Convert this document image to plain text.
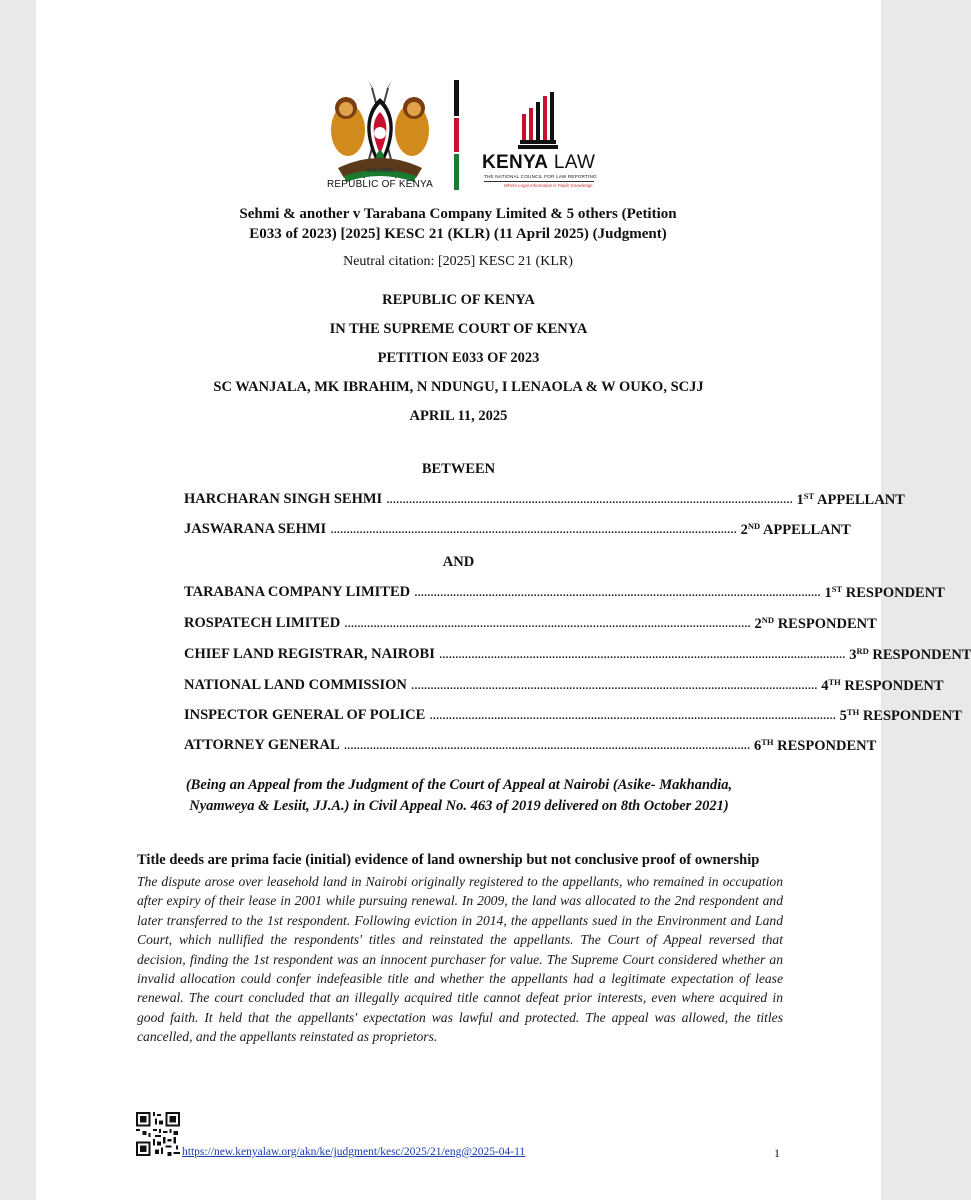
HARAMBEE
REPUBLIC OF KENYA
KENYA LAW
THE NATIONAL COUNCIL FOR LAW REPORTING
Where Legal Information is Public Knowledge
Sehmi & another v Tarabana Company Limited & 5 others (Petition
E033 of 2023) [2025] KESC 21 (KLR) (11 April 2025) (Judgment)
Neutral citation: [2025] KESC 21 (KLR)
REPUBLIC OF KENYA
IN THE SUPREME COURT OF KENYA
PETITION E033 OF 2023
SC WANJALA, MK IBRAHIM, N NDUNGU, I LENAOLA & W OUKO, SCJJ
APRIL 11, 2025
BETWEEN
HARCHARAN SINGH SEHMI .............................................................................................................................. 1ST APPELLANT
JASWARANA SEHMI .............................................................................................................................. 2ND APPELLANT
AND
TARABANA COMPANY LIMITED .............................................................................................................................. 1ST RESPONDENT
ROSPATECH LIMITED .............................................................................................................................. 2ND RESPONDENT
CHIEF LAND REGISTRAR, NAIROBI .............................................................................................................................. 3RD RESPONDENT
NATIONAL LAND COMMISSION .............................................................................................................................. 4TH RESPONDENT
INSPECTOR GENERAL OF POLICE .............................................................................................................................. 5TH RESPONDENT
ATTORNEY GENERAL .............................................................................................................................. 6TH RESPONDENT
(Being an Appeal from the Judgment of the Court of Appeal at Nairobi (Asike- Makhandia,
Nyamweya & Lesiit, JJ.A.) in Civil Appeal No. 463 of 2019 delivered on 8th October 2021)
Title deeds are prima facie (initial) evidence of land ownership but not conclusive proof of ownership
The dispute arose over leasehold land in Nairobi originally registered to the appellants, who remained in occupation after expiry of their lease in 2001 while pursuing renewal. In 2009, the land was allocated to the 2nd respondent and later transferred to the 1st respondent. Following eviction in 2014, the appellants sued in the Environment and Land Court, which nullified the respondents' titles and reinstated the appellants. The Court of Appeal reversed that decision, finding the 1st respondent was an innocent purchaser for value. The Supreme Court considered whether an invalid allocation could confer indefeasible title and whether the appellants had a legitimate expectation of lease renewal. The court concluded that an illegally acquired title cannot defeat prior interests, even where acquired in good faith. It held that the appellants' expectation was lawful and protected. The appeal was allowed, the titles cancelled, and the appellants reinstated as proprietors.
https://new.kenyalaw.org/akn/ke/judgment/kesc/2025/21/eng@2025-04-11	1
